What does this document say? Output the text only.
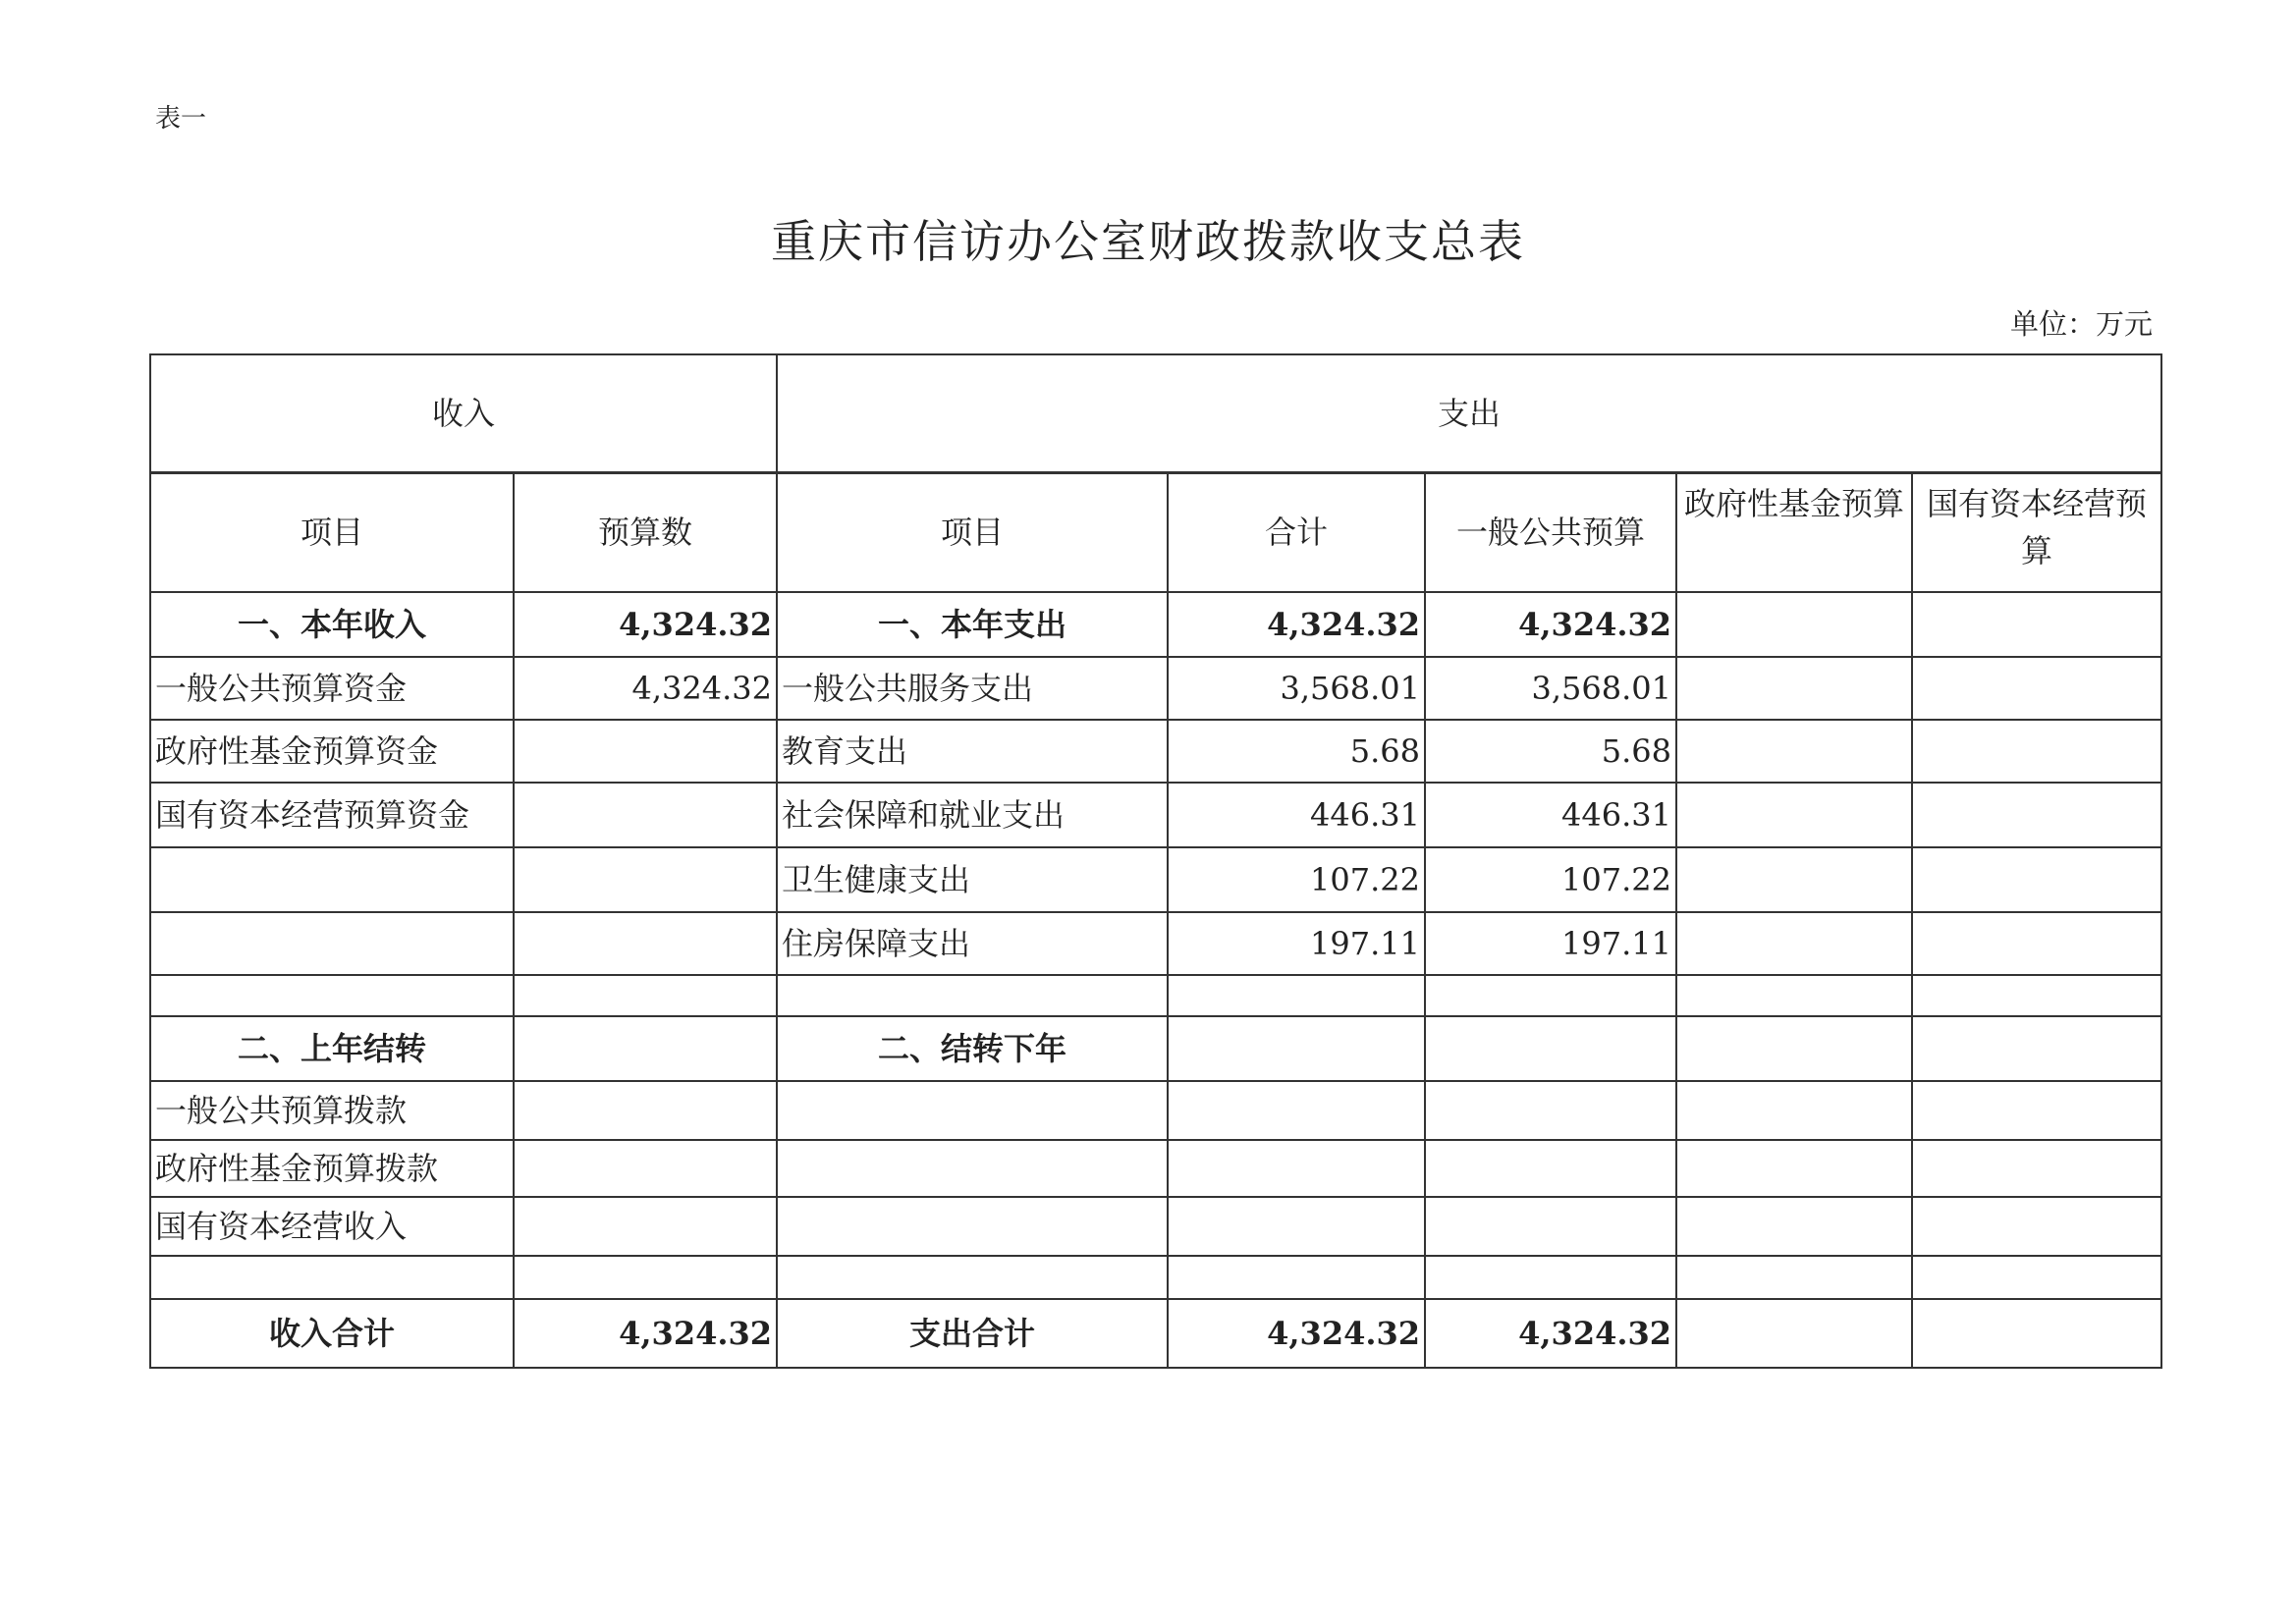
表一
重庆市信访办公室财政拨款收支总表
单位：万元
收入		支出				
项目	预算数	项目	合计	一般公共预算	政府性基金预算	国有资本经营预算
一、本年收入	4,324.32	一、本年支出	4,324.32	4,324.32		
一般公共预算资金	4,324.32	一般公共服务支出	3,568.01	3,568.01		
政府性基金预算资金		教育支出	5.68	5.68		
国有资本经营预算资金		社会保障和就业支出	446.31	446.31		
		卫生健康支出	107.22	107.22		
		住房保障支出	197.11	197.11		

二、上年结转		二、结转下年				
一般公共预算拨款						
政府性基金预算拨款						
国有资本经营收入						

收入合计	4,324.32	支出合计	4,324.32	4,324.32		
